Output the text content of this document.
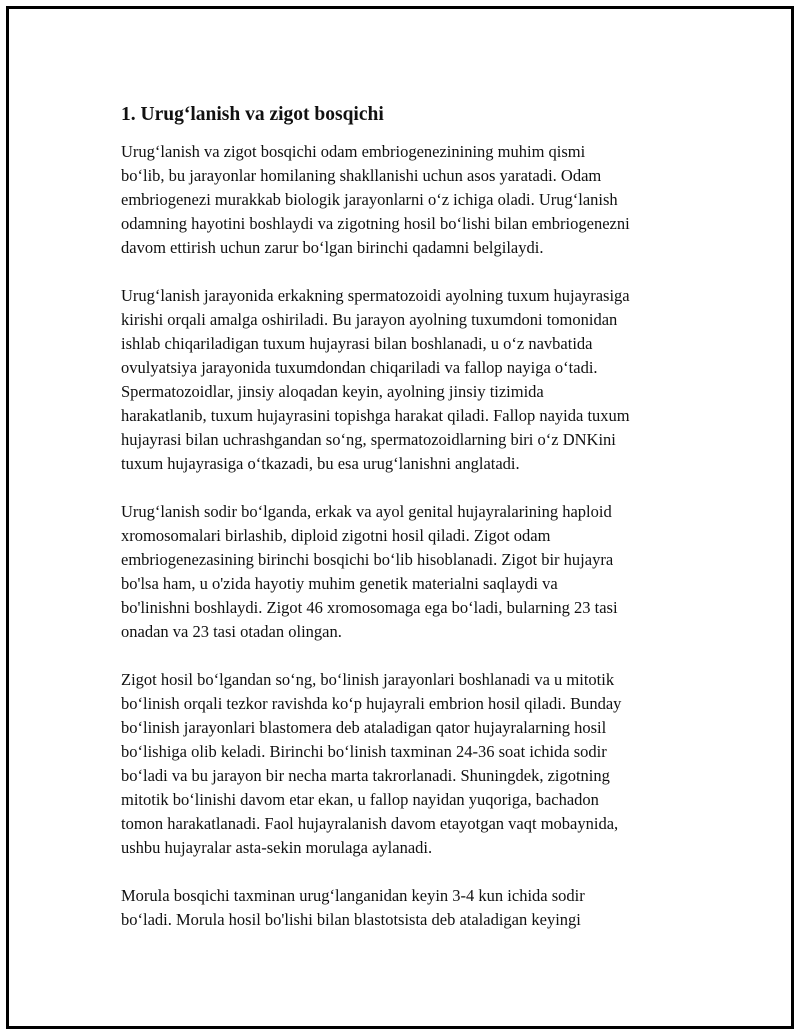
1. Urug‘lanish va zigot bosqichi
Urug‘lanish va zigot bosqichi odam embriogenezinining muhim qismi
bo‘lib, bu jarayonlar homilaning shakllanishi uchun asos yaratadi. Odam
embriogenezi murakkab biologik jarayonlarni o‘z ichiga oladi. Urug‘lanish
odamning hayotini boshlaydi va zigotning hosil bo‘lishi bilan embriogenezni
davom ettirish uchun zarur bo‘lgan birinchi qadamni belgilaydi.
Urug‘lanish jarayonida erkakning spermatozoidi ayolning tuxum hujayrasiga
kirishi orqali amalga oshiriladi. Bu jarayon ayolning tuxumdoni tomonidan
ishlab chiqariladigan tuxum hujayrasi bilan boshlanadi, u o‘z navbatida
ovulyatsiya jarayonida tuxumdondan chiqariladi va fallop nayiga o‘tadi.
Spermatozoidlar, jinsiy aloqadan keyin, ayolning jinsiy tizimida
harakatlanib, tuxum hujayrasini topishga harakat qiladi. Fallop nayida tuxum
hujayrasi bilan uchrashgandan so‘ng, spermatozoidlarning biri o‘z DNKini
tuxum hujayrasiga o‘tkazadi, bu esa urug‘lanishni anglatadi.
Urug‘lanish sodir bo‘lganda, erkak va ayol genital hujayralarining haploid
xromosomalari birlashib, diploid zigotni hosil qiladi. Zigot odam
embriogenezasining birinchi bosqichi bo‘lib hisoblanadi. Zigot bir hujayra
bo'lsa ham, u o'zida hayotiy muhim genetik materialni saqlaydi va
bo'linishni boshlaydi. Zigot 46 xromosomaga ega bo‘ladi, bularning 23 tasi
onadan va 23 tasi otadan olingan.
Zigot hosil bo‘lgandan so‘ng, bo‘linish jarayonlari boshlanadi va u mitotik
bo‘linish orqali tezkor ravishda ko‘p hujayrali embrion hosil qiladi. Bunday
bo‘linish jarayonlari blastomera deb ataladigan qator hujayralarning hosil
bo‘lishiga olib keladi. Birinchi bo‘linish taxminan 24-36 soat ichida sodir
bo‘ladi va bu jarayon bir necha marta takrorlanadi. Shuningdek, zigotning
mitotik bo‘linishi davom etar ekan, u fallop nayidan yuqoriga, bachadon
tomon harakatlanadi. Faol hujayralanish davom etayotgan vaqt mobaynida,
ushbu hujayralar asta-sekin morulaga aylanadi.
Morula bosqichi taxminan urug‘langanidan keyin 3-4 kun ichida sodir
bo‘ladi. Morula hosil bo'lishi bilan blastotsista deb ataladigan keyingi
